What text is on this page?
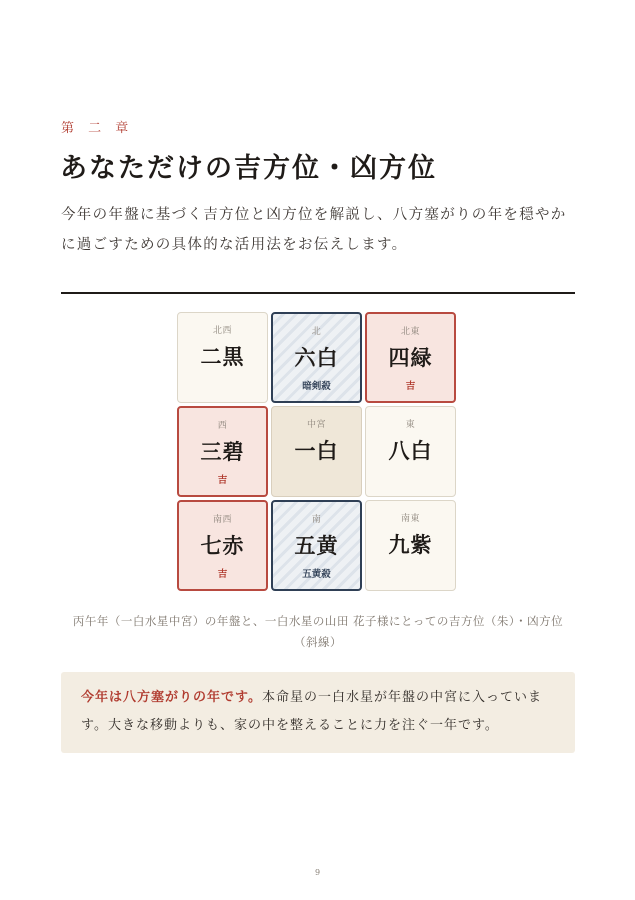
第 二 章
あなただけの吉方位・凶方位

今年の年盤に基づく吉方位と凶方位を解説し、八方塞がりの年を穏やかに過ごすための具体的な活用法をお伝えします。

北西
二黒
北
六白
暗剣殺
北東
四緑
吉
西
三碧
吉
中宮
一白
東
八白
南西
七赤
吉
南
五黄
五黄殺
南東
九紫

丙午年（一白水星中宮）の年盤と、一白水星の山田 花子様にとっての吉方位（朱）・凶方位（斜線）

今年は八方塞がりの年です。本命星の一白水星が年盤の中宮に入っています。大きな移動よりも、家の中を整えることに力を注ぐ一年です。
9
